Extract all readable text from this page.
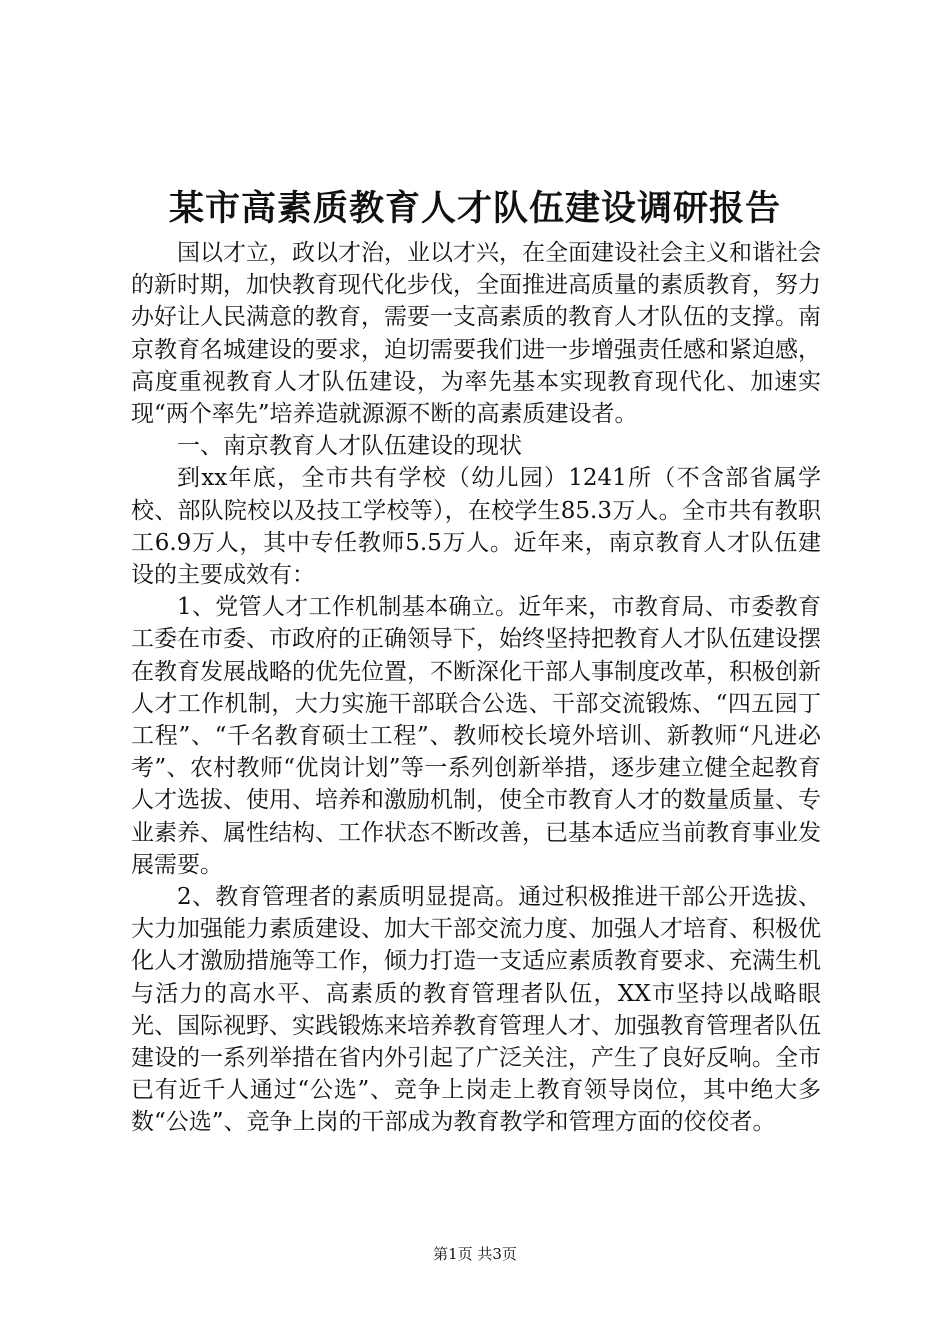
某市高素质教育人才队伍建设调研报告

国以才立，政以才治，业以才兴，在全面建设社会主义和谐社会的新时期，加快教育现代化步伐，全面推进高质量的素质教育，努力办好让人民满意的教育，需要一支高素质的教育人才队伍的支撑。南京教育名城建设的要求，迫切需要我们进一步增强责任感和紧迫感，高度重视教育人才队伍建设，为率先基本实现教育现代化、加速实现“两个率先”培养造就源源不断的高素质建设者。

一、南京教育人才队伍建设的现状

到xx年底，全市共有学校（幼儿园）1241所（不含部省属学校、部队院校以及技工学校等），在校学生85.3万人。全市共有教职工6.9万人，其中专任教师5.5万人。近年来，南京教育人才队伍建设的主要成效有：

1、党管人才工作机制基本确立。近年来，市教育局、市委教育工委在市委、市政府的正确领导下，始终坚持把教育人才队伍建设摆在教育发展战略的优先位置，不断深化干部人事制度改革，积极创新人才工作机制，大力实施干部联合公选、干部交流锻炼、“四五园丁工程”、“千名教育硕士工程”、教师校长境外培训、新教师“凡进必考”、农村教师“优岗计划”等一系列创新举措，逐步建立健全起教育人才选拔、使用、培养和激励机制，使全市教育人才的数量质量、专业素养、属性结构、工作状态不断改善，已基本适应当前教育事业发展需要。

2、教育管理者的素质明显提高。通过积极推进干部公开选拔、大力加强能力素质建设、加大干部交流力度、加强人才培育、积极优化人才激励措施等工作，倾力打造一支适应素质教育要求、充满生机与活力的高水平、高素质的教育管理者队伍，XX市坚持以战略眼光、国际视野、实践锻炼来培养教育管理人才、加强教育管理者队伍建设的一系列举措在省内外引起了广泛关注，产生了良好反响。全市已有近千人通过“公选”、竞争上岗走上教育领导岗位，其中绝大多数“公选”、竞争上岗的干部成为教育教学和管理方面的佼佼者。

第1页 共3页
